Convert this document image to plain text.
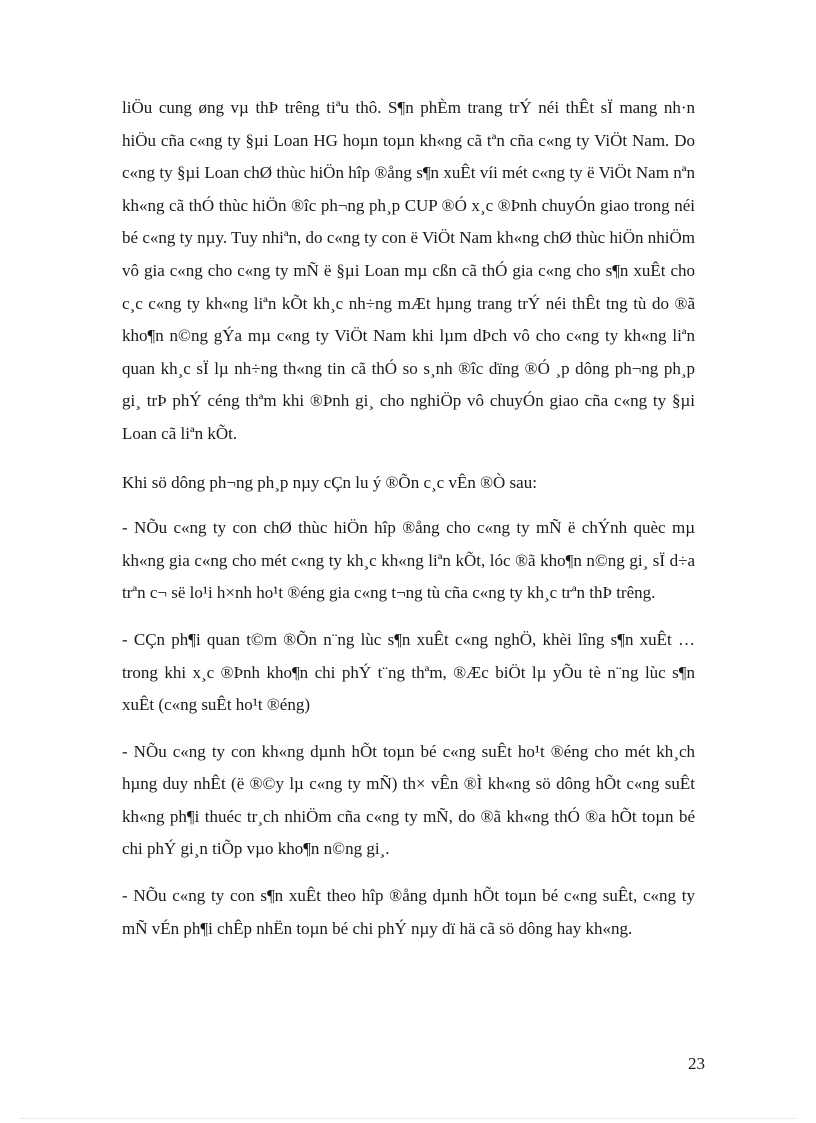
liÖu cung øng vµ thÞ trêng tiªu thô. S¶n phÈm trang trÝ néi thÊt sÏ mang nh·n hiÖu cña c«ng ty §µi Loan HG hoµn toµn kh«ng cã tªn cña c«ng ty ViÖt Nam. Do c«ng ty §µi Loan chØ thùc hiÖn hîp ®ång s¶n xuÊt víi mét c«ng ty ë ViÖt Nam nªn kh«ng cã thÓ thùc hiÖn ®îc ph¬ng ph¸p CUP ®Ó x¸c ®Þnh chuyÓn giao trong néi bé c«ng ty nµy. Tuy nhiªn, do c«ng ty con ë ViÖt Nam kh«ng chØ thùc hiÖn nhiÖm vô gia c«ng cho c«ng ty mÑ ë §µi Loan mµ cßn cã thÓ gia c«ng cho s¶n xuÊt cho c¸c c«ng ty kh«ng liªn kÕt kh¸c nh÷ng mÆt hµng trang trÝ néi thÊt tng tù do ®ã kho¶n n©ng gÝa mµ c«ng ty ViÖt Nam khi lµm dÞch vô cho c«ng ty kh«ng liªn quan kh¸c sÏ lµ nh÷ng th«ng tin cã thÓ so s¸nh ®îc dïng ®Ó ¸p dông ph¬ng ph¸p gi¸ trÞ phÝ céng thªm khi ®Þnh gi¸ cho nghiÖp vô chuyÓn giao cña c«ng ty §µi Loan cã liªn kÕt.

Khi sö dông ph¬ng ph¸p nµy cÇn lu ý ®Õn c¸c vÊn ®Ò sau:

- NÕu c«ng ty con chØ thùc hiÖn hîp ®ång cho c«ng ty mÑ ë chÝnh quèc mµ kh«ng gia c«ng cho mét c«ng ty kh¸c kh«ng liªn kÕt, lóc ®ã kho¶n n©ng gi¸ sÏ d÷a trªn c¬ së lo¹i h×nh ho¹t ®éng gia c«ng t¬ng tù cña c«ng ty kh¸c trªn thÞ trêng.

- CÇn ph¶i quan t©m ®Õn n¨ng lùc s¶n xuÊt c«ng nghÖ, khèi lîng s¶n xuÊt … trong khi x¸c ®Þnh kho¶n chi phÝ t¨ng thªm, ®Æc biÖt lµ yÕu tè n¨ng lùc s¶n xuÊt (c«ng suÊt ho¹t ®éng)

- NÕu c«ng ty con kh«ng dµnh hÕt toµn bé c«ng suÊt ho¹t ®éng cho mét kh¸ch hµng duy nhÊt (ë ®©y lµ c«ng ty mÑ) th× vÊn ®Ì kh«ng sö dông hÕt c«ng suÊt kh«ng ph¶i thuéc tr¸ch nhiÖm cña c«ng ty mÑ, do ®ã kh«ng thÓ ®a hÕt toµn bé chi phÝ gi¸n tiÕp vµo kho¶n n©ng gi¸.

- NÕu c«ng ty con s¶n xuÊt theo hîp ®ång dµnh hÕt toµn bé c«ng suÊt, c«ng ty mÑ vÉn ph¶i chÊp nhËn toµn bé chi phÝ nµy dï hä cã sö dông hay kh«ng.

23
